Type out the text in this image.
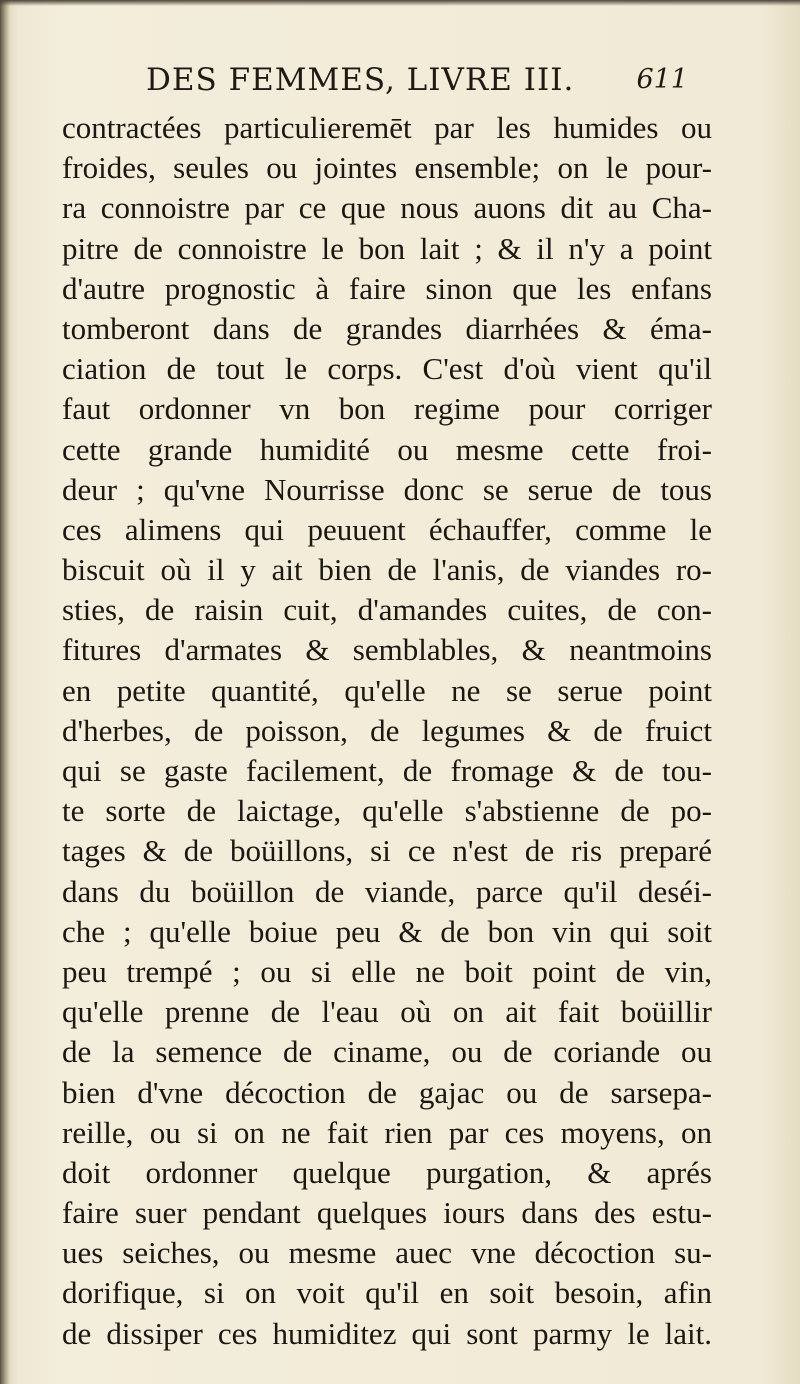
DES FEMMES, LIVRE III. 611
contractées particulieremēt par les humides ou
froides, seules ou jointes ensemble; on le pour-
ra connoistre par ce que nous auons dit au Cha-
pitre de connoistre le bon lait ; & il n'y a point
d'autre prognostic à faire sinon que les enfans
tomberont dans de grandes diarrhées & éma-
ciation de tout le corps. C'est d'où vient qu'il
faut ordonner vn bon regime pour corriger
cette grande humidité ou mesme cette froi-
deur ; qu'vne Nourrisse donc se serue de tous
ces alimens qui peuuent échauffer, comme le
biscuit où il y ait bien de l'anis, de viandes ro-
sties, de raisin cuit, d'amandes cuites, de con-
fitures d'armates & semblables, & neantmoins
en petite quantité, qu'elle ne se serue point
d'herbes, de poisson, de legumes & de fruict
qui se gaste facilement, de fromage & de tou-
te sorte de laictage, qu'elle s'abstienne de po-
tages & de boüillons, si ce n'est de ris preparé
dans du boüillon de viande, parce qu'il deséi-
che ; qu'elle boiue peu & de bon vin qui soit
peu trempé ; ou si elle ne boit point de vin,
qu'elle prenne de l'eau où on ait fait boüillir
de la semence de ciname, ou de coriande ou
bien d'vne décoction de gajac ou de sarsepa-
reille, ou si on ne fait rien par ces moyens, on
doit ordonner quelque purgation, & aprés
faire suer pendant quelques iours dans des estu-
ues seiches, ou mesme auec vne décoction su-
dorifique, si on voit qu'il en soit besoin, afin
de dissiper ces humiditez qui sont parmy le lait.
